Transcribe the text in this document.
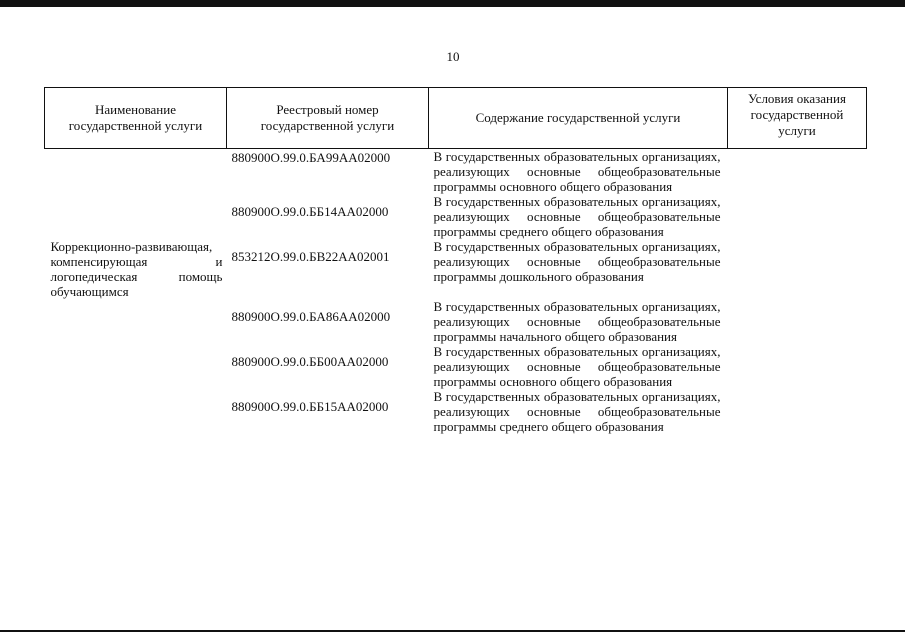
10
Наименование государственной услуги	Реестровый номер государственной услуги	Содержание государственной услуги	Условия оказания государственной услуги
	880900О.99.0.БА99АА02000	В государственных образовательных организациях, реализующих основные общеобразовательные программы основного общего образования	

	880900О.99.0.ББ14АА02000	В государственных образовательных организациях, реализующих основные общеобразовательные программы среднего общего образования	

Коррекционно-развивающая, компенсирующая и логопедическая помощь обучающимся	853212О.99.0.БВ22АА02001	В государственных образовательных организациях, реализующих основные общеобразовательные программы дошкольного образования	

	880900О.99.0.БА86АА02000	В государственных образовательных организациях, реализующих основные общеобразовательные программы начального общего образования	

	880900О.99.0.ББ00АА02000	В государственных образовательных организациях, реализующих основные общеобразовательные программы основного общего образования	

	880900О.99.0.ББ15АА02000	В государственных образовательных организациях, реализующих основные общеобразовательные программы среднего общего образования	
